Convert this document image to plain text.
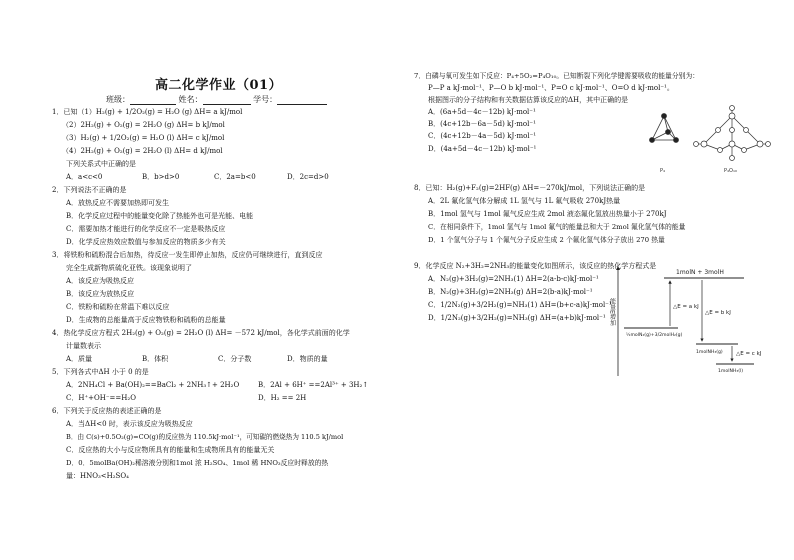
高二化学作业（01）
班级：	姓名：	学号：
1．已知（1）H₂(g) + 1/2O₂(g) = H₂O (g) ΔH= a kJ/mol
（2）2H₂(g) + O₂(g) = 2H₂O (g) ΔH= b kJ/mol
（3）H₂(g) + 1/2O₂(g) = H₂O (l) ΔH= c kJ/mol
（4）2H₂(g) + O₂(g) = 2H₂O (l) ΔH= d kJ/mol
下列关系式中正确的是
A．a<c<0	B．b>d>0	C．2a=b<0	D．2c=d>0
2．下列说法不正确的是
A．放热反应不需要加热即可发生
B．化学反应过程中的能量变化除了热能外也可是光能、电能
C．需要加热才能进行的化学反应不一定是吸热反应
D．化学反应热效应数值与参加反应的物质多少有关
3．将铁粉和硫粉混合后加热，待反应一发生即停止加热，反应仍可继续进行，直到反应
完全生成新物质硫化亚铁。该现象说明了
A．该反应为吸热反应
B．该反应为放热反应
C．铁粉和硫粉在常温下难以反应
D．生成物的总能量高于反应物铁粉和硫粉的总能量
4．热化学反应方程式 2H₂(g) + O₂(g) = 2H₂O (l) ΔH= －572 kJ/mol，各化学式前面的化学
计量数表示
A．质量	B．体积	C．分子数	D．物质的量
5．下列各式中ΔH 小于 0 的是
A．2NH₄Cl + Ba(OH)₂==BaCl₂ + 2NH₃↑+ 2H₂O	B．2Al + 6H⁺ ==2Al³⁺ + 3H₂↑
C．H⁺+OH⁻==H₂O	D．H₂ == 2H
6．下列关于反应热的表述正确的是
A．当ΔH<0 时，表示该反应为吸热反应
B．由 C(s)+0.5O₂(g)=CO(g)的反应热为 110.5kJ·mol⁻¹，可知碳的燃烧热为 110.5 kJ/mol
C．反应热的大小与反应物所具有的能量和生成物所具有的能量无关
D．0．5molBa(OH)₂稀溶液分别和1mol 浓 H₂SO₄、1mol 稀 HNO₃反应时释放的热
量：HNO₃<H₂SO₄
7．白磷与氧可发生如下反应：P₄+5O₂=P₄O₁₀。已知断裂下列化学键需要吸收的能量分别为：
P—P a kJ·mol⁻¹、P—O b kJ·mol⁻¹、P=O c kJ·mol⁻¹、O=O d kJ·mol⁻¹。
根据图示的分子结构和有关数据估算该反应的ΔH，其中正确的是
A．(6a+5d－4c－12b) kJ·mol⁻¹
B．(4c+12b－6a－5d) kJ·mol⁻¹
C．(4c+12b－4a－5d) kJ·mol⁻¹
D．(4a+5d－4c－12b) kJ·mol⁻¹
P₄	P₄O₁₀
8．已知：H₂(g)+F₂(g)=2HF(g) ΔH=－270kJ/mol，下列说法正确的是
A．2L 氟化氢气体分解成 1L 氢气与 1L 氟气吸收 270kJ热量
B．1mol 氢气与 1mol 氟气反应生成 2mol 液态氟化氢放出热量小于 270kJ
C．在相同条件下，1mol 氢气与 1mol 氟气的能量总和大于 2mol 氟化氢气体的能量
D．1 个氢气分子与 1 个氟气分子反应生成 2 个氟化氢气体分子放出 270 热量
9．化学反应 N₂+3H₂=2NH₃的能量变化如图所示，该反应的热化学方程式是
A．N₂(g)+3H₂(g)=2NH₃(1) ΔH=2(a-b-c)kJ·mol⁻¹
B．N₂(g)+3H₂(g)=2NH₃(g) ΔH=2(b-a)kJ·mol⁻¹
C．1/2N₂(g)+3/2H₂(g)=NH₃(1) ΔH=(b+c-a)kJ·mol⁻¹
D．1/2N₂(g)+3/2H₂(g)=NH₃(g) ΔH=(a+b)kJ·mol⁻¹ 能量E增加
1molN + 3molH
½molN₂(g)+3/2molH₂(g)
1molNH₃(g)
1molNH₃(l)
△E = a kJ
△E = b kJ
△E = c kJ
